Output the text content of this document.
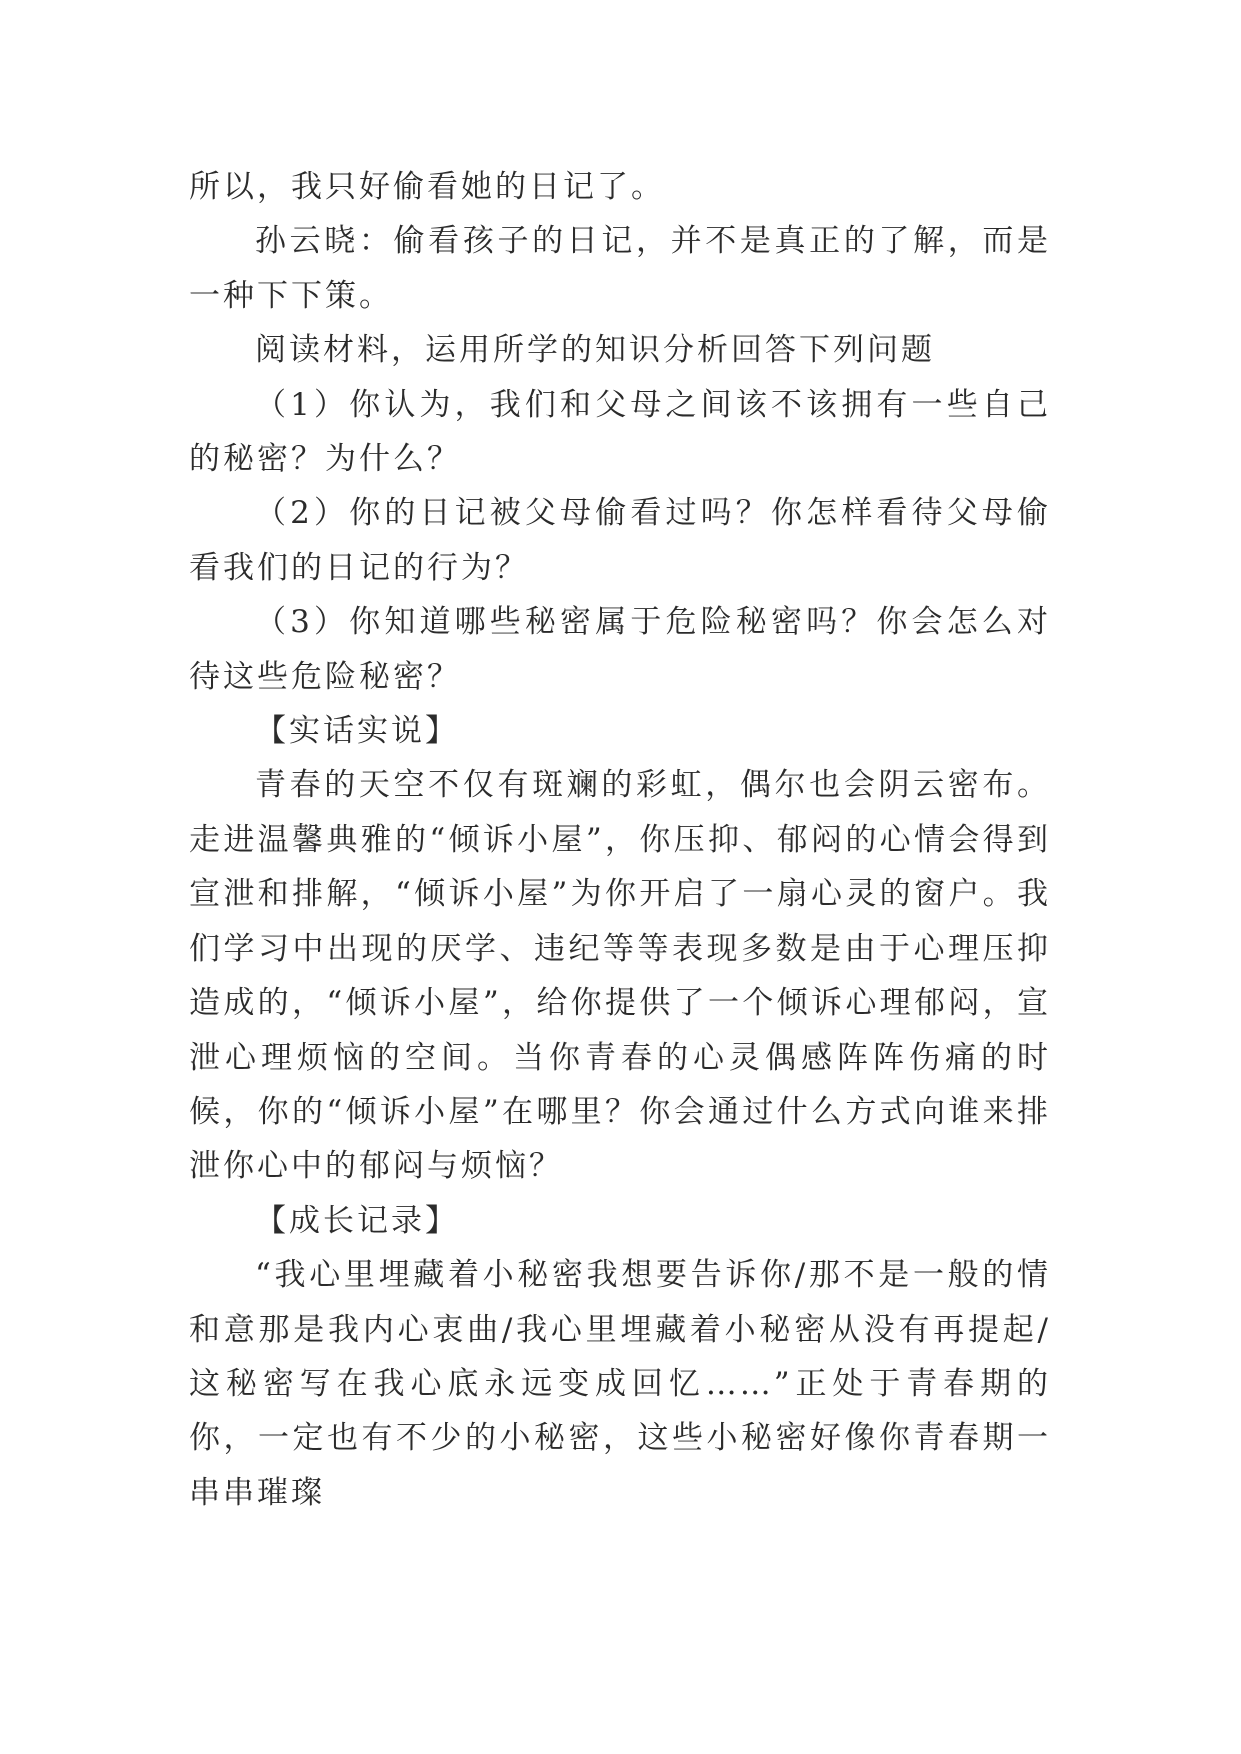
所以，我只好偷看她的日记了。

孙云晓：偷看孩子的日记，并不是真正的了解，而是一种下下策。

阅读材料，运用所学的知识分析回答下列问题

（1）你认为，我们和父母之间该不该拥有一些自己的秘密？为什么？

（2）你的日记被父母偷看过吗？你怎样看待父母偷看我们的日记的行为？

（3）你知道哪些秘密属于危险秘密吗？你会怎么对待这些危险秘密？

【实话实说】

青春的天空不仅有斑斓的彩虹，偶尔也会阴云密布。走进温馨典雅的“倾诉小屋”，你压抑、郁闷的心情会得到宣泄和排解，“倾诉小屋”为你开启了一扇心灵的窗户。我们学习中出现的厌学、违纪等等表现多数是由于心理压抑造成的，“倾诉小屋”，给你提供了一个倾诉心理郁闷，宣泄心理烦恼的空间。当你青春的心灵偶感阵阵伤痛的时候，你的“倾诉小屋”在哪里？你会通过什么方式向谁来排泄你心中的郁闷与烦恼？

【成长记录】

“我心里埋藏着小秘密我想要告诉你/那不是一般的情和意那是我内心衷曲/我心里埋藏着小秘密从没有再提起/这秘密写在我心底永远变成回忆……”正处于青春期的你，一定也有不少的小秘密，这些小秘密好像你青春期一串串璀璨
